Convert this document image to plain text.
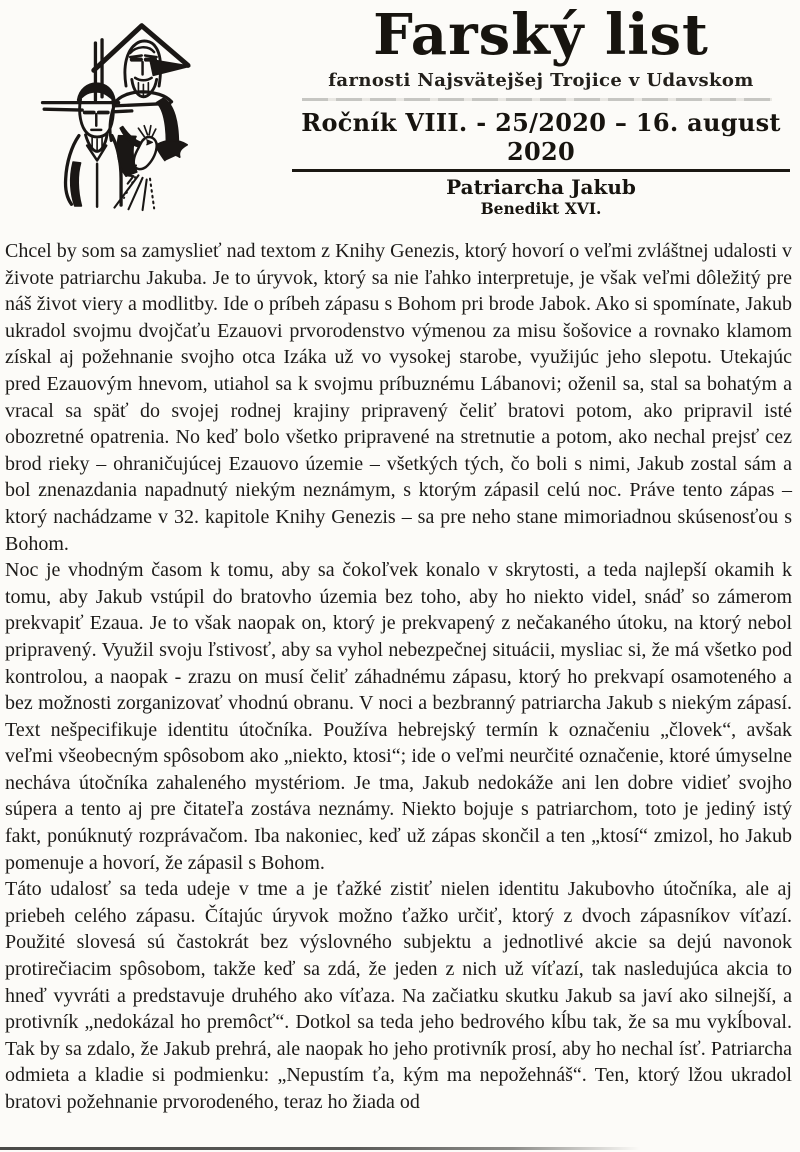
Farský list
farnosti Najsvätejšej Trojice v Udavskom
Ročník VIII. - 25/2020 – 16. august 2020
Patriarcha Jakub
Benedikt XVI.

Chcel by som sa zamyslieť nad textom z Knihy Genezis, ktorý hovorí o veľmi zvláštnej udalosti v živote patriarchu Jakuba. Je to úryvok, ktorý sa nie ľahko interpretuje, je však veľmi dôležitý pre náš život viery a modlitby. Ide o príbeh zápasu s Bohom pri brode Jabok. Ako si spomínate, Jakub ukradol svojmu dvojčaťu Ezauovi prvorodenstvo výmenou za misu šošovice a rovnako klamom získal aj požehnanie svojho otca Izáka už vo vysokej starobe, využijúc jeho slepotu. Utekajúc pred Ezauovým hnevom, utiahol sa k svojmu príbuznému Lábanovi; oženil sa, stal sa bohatým a vracal sa späť do svojej rodnej krajiny pripravený čeliť bratovi potom, ako pripravil isté obozretné opatrenia. No keď bolo všetko pripravené na stretnutie a potom, ako nechal prejsť cez brod rieky – ohraničujúcej Ezauovo územie – všetkých tých, čo boli s nimi, Jakub zostal sám a bol znenazdania napadnutý niekým neznámym, s ktorým zápasil celú noc. Práve tento zápas – ktorý nachádzame v 32. kapitole Knihy Genezis – sa pre neho stane mimoriadnou skúsenosťou s Bohom.

Noc je vhodným časom k tomu, aby sa čokoľvek konalo v skrytosti, a teda najlepší okamih k tomu, aby Jakub vstúpil do bratovho územia bez toho, aby ho niekto videl, snáď so zámerom prekvapiť Ezaua. Je to však naopak on, ktorý je prekvapený z nečakaného útoku, na ktorý nebol pripravený. Využil svoju ľstivosť, aby sa vyhol nebezpečnej situácii, mysliac si, že má všetko pod kontrolou, a naopak - zrazu on musí čeliť záhadnému zápasu, ktorý ho prekvapí osamoteného a bez možnosti zorganizovať vhodnú obranu. V noci a bezbranný patriarcha Jakub s niekým zápasí. Text nešpecifikuje identitu útočníka. Používa hebrejský termín k označeniu „človek“, avšak veľmi všeobecným spôsobom ako „niekto, ktosi“; ide o veľmi neurčité označenie, ktoré úmyselne necháva útočníka zahaleného mystériom. Je tma, Jakub nedokáže ani len dobre vidieť svojho súpera a tento aj pre čitateľa zostáva neznámy. Niekto bojuje s patriarchom, toto je jediný istý fakt, ponúknutý rozprávačom. Iba nakoniec, keď už zápas skončil a ten „ktosí“ zmizol, ho Jakub pomenuje a hovorí, že zápasil s Bohom.

Táto udalosť sa teda udeje v tme a je ťažké zistiť nielen identitu Jakubovho útočníka, ale aj priebeh celého zápasu. Čítajúc úryvok možno ťažko určiť, ktorý z dvoch zápasníkov víťazí. Použité slovesá sú častokrát bez výslovného subjektu a jednotlivé akcie sa dejú navonok protirečiacim spôsobom, takže keď sa zdá, že jeden z nich už víťazí, tak nasledujúca akcia to hneď vyvráti a predstavuje druhého ako víťaza. Na začiatku skutku Jakub sa javí ako silnejší, a protivník „nedokázal ho premôcť“. Dotkol sa teda jeho bedrového kĺbu tak, že sa mu vykĺboval. Tak by sa zdalo, že Jakub prehrá, ale naopak ho jeho protivník prosí, aby ho nechal ísť. Patriarcha odmieta a kladie si podmienku: „Nepustím ťa, kým ma nepožehnáš“. Ten, ktorý lžou ukradol bratovi požehnanie prvorodeného, teraz ho žiada od
